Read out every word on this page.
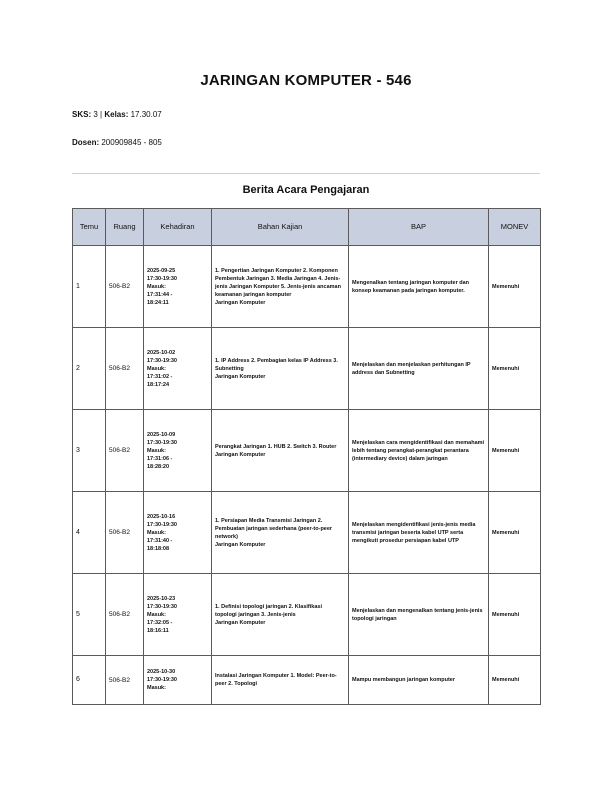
JARINGAN KOMPUTER - 546
SKS: 3 | Kelas: 17.30.07
Dosen: 200909845 - 805
Berita Acara Pengajaran
Temu	Ruang	Kehadiran	Bahan Kajian	BAP	MONEV
1	506-B2	2025-09-25
17:30-19:30
Masuk:
17:31:44 -
18:24:11	1. Pengertian Jaringan Komputer 2. Komponen Pembentuk Jaringan 3. Media Jaringan 4. Jenis-jenis Jaringan Komputer 5. Jenis-jenis ancaman keamanan jaringan komputer
Jaringan Komputer	Mengenalkan tentang jaringan komputer dan konsep keamanan pada jaringan komputer.	Memenuhi
2	506-B2	2025-10-02
17:30-19:30
Masuk:
17:31:02 -
18:17:24	1. IP Address 2. Pembagian kelas IP Address 3. Subnetting
Jaringan Komputer	Menjelaskan dan menjelaskan perhitungan IP address dan Subnetting	Memenuhi
3	506-B2	2025-10-09
17:30-19:30
Masuk:
17:31:06 -
18:28:20	Perangkat Jaringan 1. HUB 2. Switch 3. Router
Jaringan Komputer	Menjelaskan cara mengidentifikasi dan memahami lebih tentang perangkat-perangkat perantara (intermediary device) dalam jaringan	Memenuhi
4	506-B2	2025-10-16
17:30-19:30
Masuk:
17:31:40 -
18:18:08	1. Persiapan Media Transmisi Jaringan 2. Pembuatan jaringan sederhana (peer-to-peer network)
Jaringan Komputer	Menjelaskan mengidentifikasi jenis-jenis media transmisi jaringan beserta kabel UTP serta mengikuti prosedur persiapan kabel UTP	Memenuhi
5	506-B2	2025-10-23
17:30-19:30
Masuk:
17:32:05 -
18:16:11	1. Definisi topologi jaringan 2. Klasifikasi topologi jaringan 3. Jenis-jenis
Jaringan Komputer	Menjelaskan dan mengenalkan tentang jenis-jenis topologi jaringan	Memenuhi
6	506-B2	2025-10-30
17:30-19:30
Masuk:	Instalasi Jaringan Komputer 1. Model: Peer-to-peer 2. Topologi	Mampu membangun jaringan komputer	Memenuhi
